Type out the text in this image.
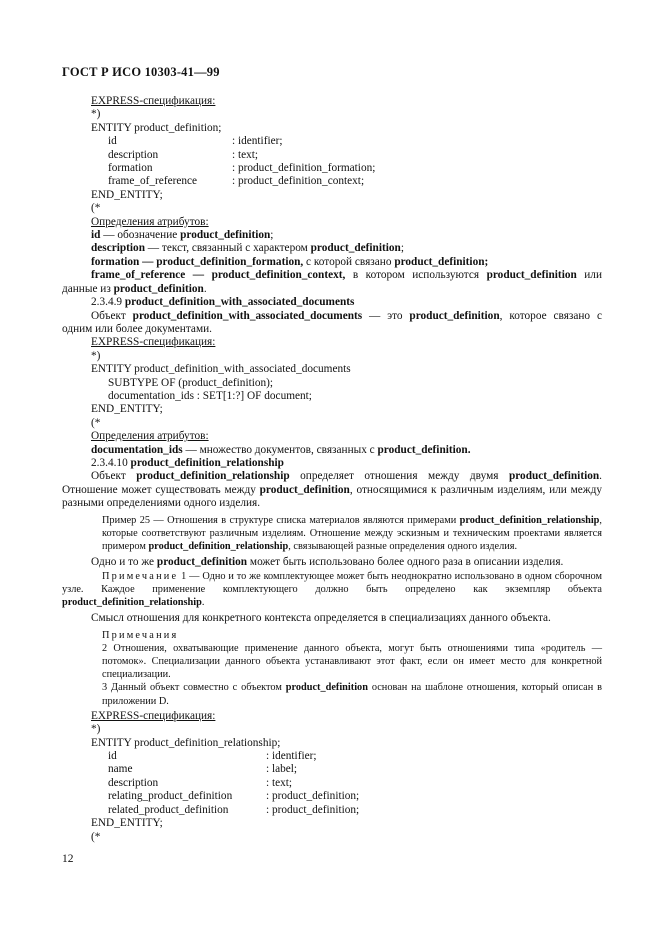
ГОСТ Р ИСО 10303-41—99
EXPRESS-спецификация:
*)
ENTITY product_definition;
id	: identifier;
description	: text;
formation	: product_definition_formation;
frame_of_reference	: product_definition_context;
END_ENTITY;
(*
Определения атрибутов:
id — обозначение product_definition;
description — текст, связанный с характером product_definition;
formation — product_definition_formation, с которой связано product_definition;
frame_of_reference — product_definition_context, в котором используются product_definition или данные из product_definition.
2.3.4.9 product_definition_with_associated_documents
Объект product_definition_with_associated_documents — это product_definition, которое связано с одним или более документами.
EXPRESS-спецификация:
*)
ENTITY product_definition_with_associated_documents
SUBTYPE OF (product_definition);
documentation_ids : SET[1:?] OF document;
END_ENTITY;
(*
Определения атрибутов:
documentation_ids — множество документов, связанных с product_definition.
2.3.4.10 product_definition_relationship
Объект product_definition_relationship определяет отношения между двумя product_definition. Отношение может существовать между product_definition, относящимися к различным изделиям, или между разными определениями одного изделия.
Пример 25 — Отношения в структуре списка материалов являются примерами product_definition_relationship, которые соответствуют различным изделиям. Отношение между эскизным и техническим проектами является примером product_definition_relationship, связывающей разные определения одного изделия.
Одно и то же product_definition может быть использовано более одного раза в описании изделия.
Примечание 1 — Одно и то же комплектующее может быть неоднократно использовано в одном сборочном узле. Каждое применение комплектующего должно быть определено как экземпляр объекта product_definition_relationship.
Смысл отношения для конкретного контекста определяется в специализациях данного объекта.

Примечания

2 Отношения, охватывающие применение данного объекта, могут быть отношениями типа «родитель — потомок». Специализации данного объекта устанавливают этот факт, если он имеет место для конкретной специализации.

3 Данный объект совместно с объектом product_definition основан на шаблоне отношения, который описан в приложении D.

EXPRESS-спецификация:
*)
ENTITY product_definition_relationship;
id	: identifier;
name	: label;
description	: text;
relating_product_definition	: product_definition;
related_product_definition	: product_definition;
END_ENTITY;
(*
12
